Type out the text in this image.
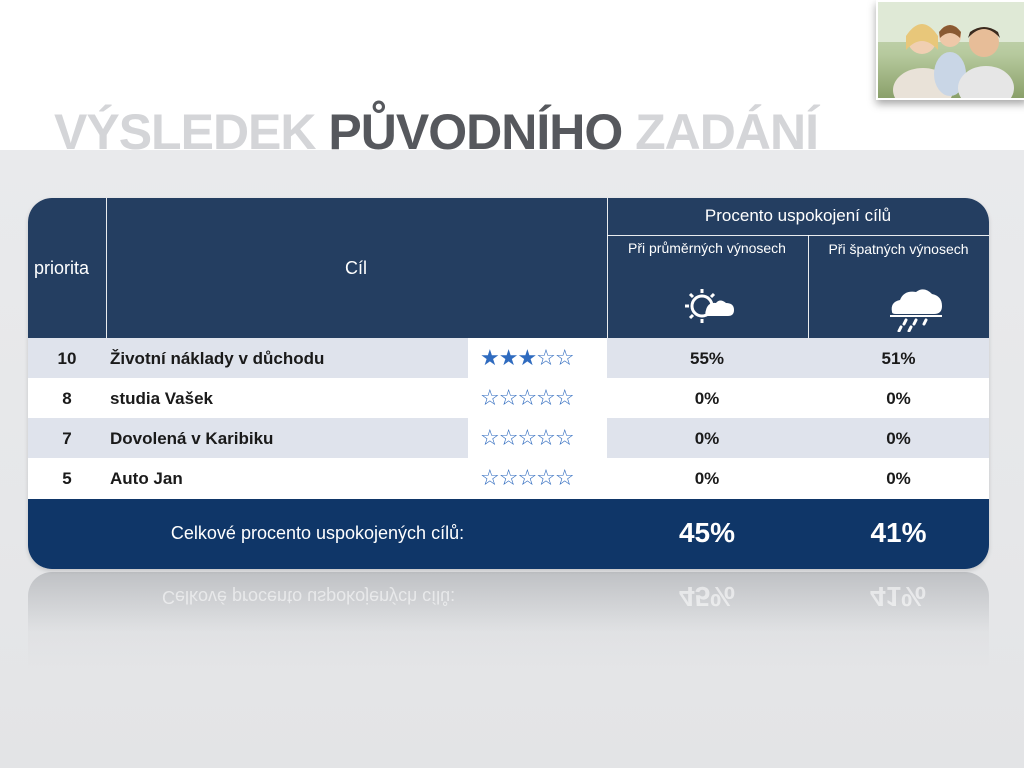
VÝSLEDEK PŮVODNÍHO ZADÁNÍ
priorita	Cíl
Procento uspokojení cílů
Při průměrných výnosech	Při špatných výnosech
10	Životní náklady v důchodu	★★★☆☆	55%	51%
8	studia Vašek	☆☆☆☆☆	0%	0%
7	Dovolená v Karibiku	☆☆☆☆☆	0%	0%
5	Auto Jan	☆☆☆☆☆	0%	0%
Celkové procento uspokojených cílů:	45%	41%
Celkové procento uspokojených cílů:	45%	41%
